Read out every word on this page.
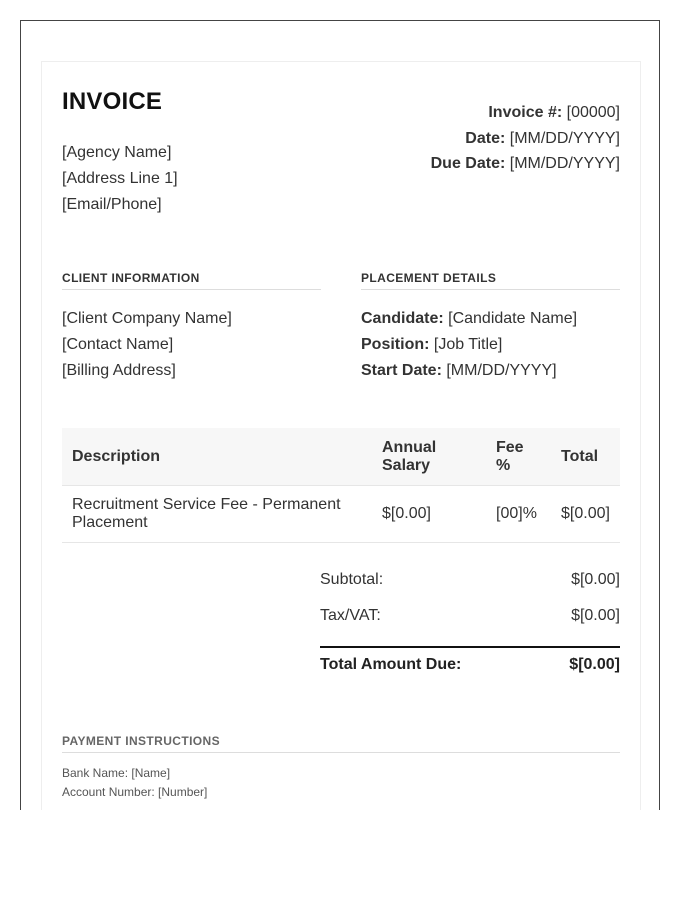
INVOICE
[Agency Name]
[Address Line 1]
[Email/Phone]
Invoice #: [00000]
Date: [MM/DD/YYYY]
Due Date: [MM/DD/YYYY]
CLIENT INFORMATION
[Client Company Name]
[Contact Name]
[Billing Address]
PLACEMENT DETAILS
Candidate: [Candidate Name]
Position: [Job Title]
Start Date: [MM/DD/YYYY]
Description	Annual Salary	Fee %	Total
Recruitment Service Fee - Permanent Placement	$[0.00]	[00]%	$[0.00]
Subtotal:	$[0.00]
Tax/VAT:	$[0.00]
Total Amount Due:	$[0.00]
PAYMENT INSTRUCTIONS
Bank Name: [Name]
Account Number: [Number]
